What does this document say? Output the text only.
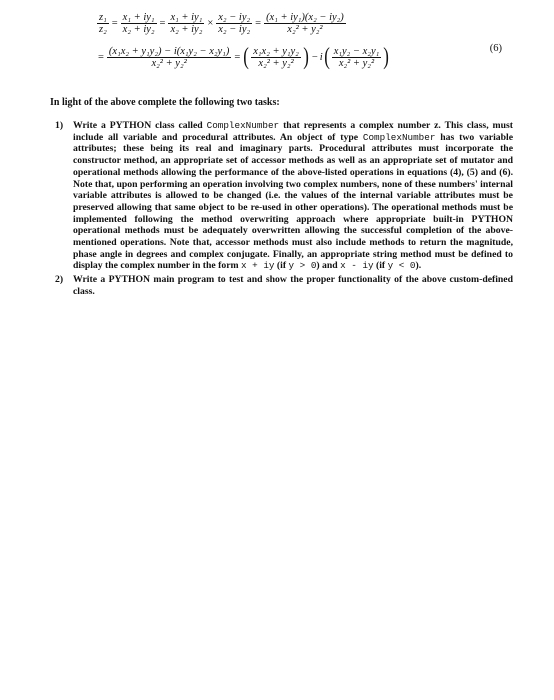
$\frac{\text{z₁}}{\text{z₂}} = \frac{\text{x₁ + iy₁}}{\text{x₂ + iy₂}} = \frac{\text{x₁ + iy₁}}{\text{x₂ + iy₂}} \times \frac{\text{x₂ − iy₂}}{\text{x₂ − iy₂}} = \frac{\text{(x₁ + iy₁)(x₂ − iy₂)}}{\text{x₂² + y₂²}}$
= $\frac{\text{(x₁x₂ + y₁y₂) − i(x₁y₂ − x₂y₁)}}{\text{x₂² + y₂²}}$ = ( $\frac{\text{x₁x₂ + y₁y₂}}{\text{x₂² + y₂²}}$ ) − $i( \frac{\text{x₁y₂ − x₂y₁}}{\text{x₂² + y₂²}}$ )	(6)
In light of the above complete the following two tasks:
1) Write a PYTHON class called ComplexNumber that represents a complex number z. This class, must include all variable and procedural attributes. An object of type ComplexNumber has two variable attributes; these being its real and imaginary parts. Procedural attributes must incorporate the constructor method, an appropriate set of accessor methods as well as an appropriate set of mutator and operational methods allowing the performance of the above-listed operations in equations (4), (5) and (6). Note that, upon performing an operation involving two complex numbers, none of these numbers' internal variable attributes is allowed to be changed (i.e. the values of the internal variable attributes must be preserved allowing that same object to be re-used in other operations). The operational methods must be implemented following the method overwriting approach where appropriate built-in PYTHON operational methods must be adequately overwritten allowing the successful completion of the above-mentioned operations. Note that, accessor methods must also include methods to return the magnitude, phase angle in degrees and complex conjugate. Finally, an appropriate string method must be defined to display the complex number in the form x + iy (if y > 0) and x - iy (if y < 0).
2) Write a PYTHON main program to test and show the proper functionality of the above custom-defined class.
